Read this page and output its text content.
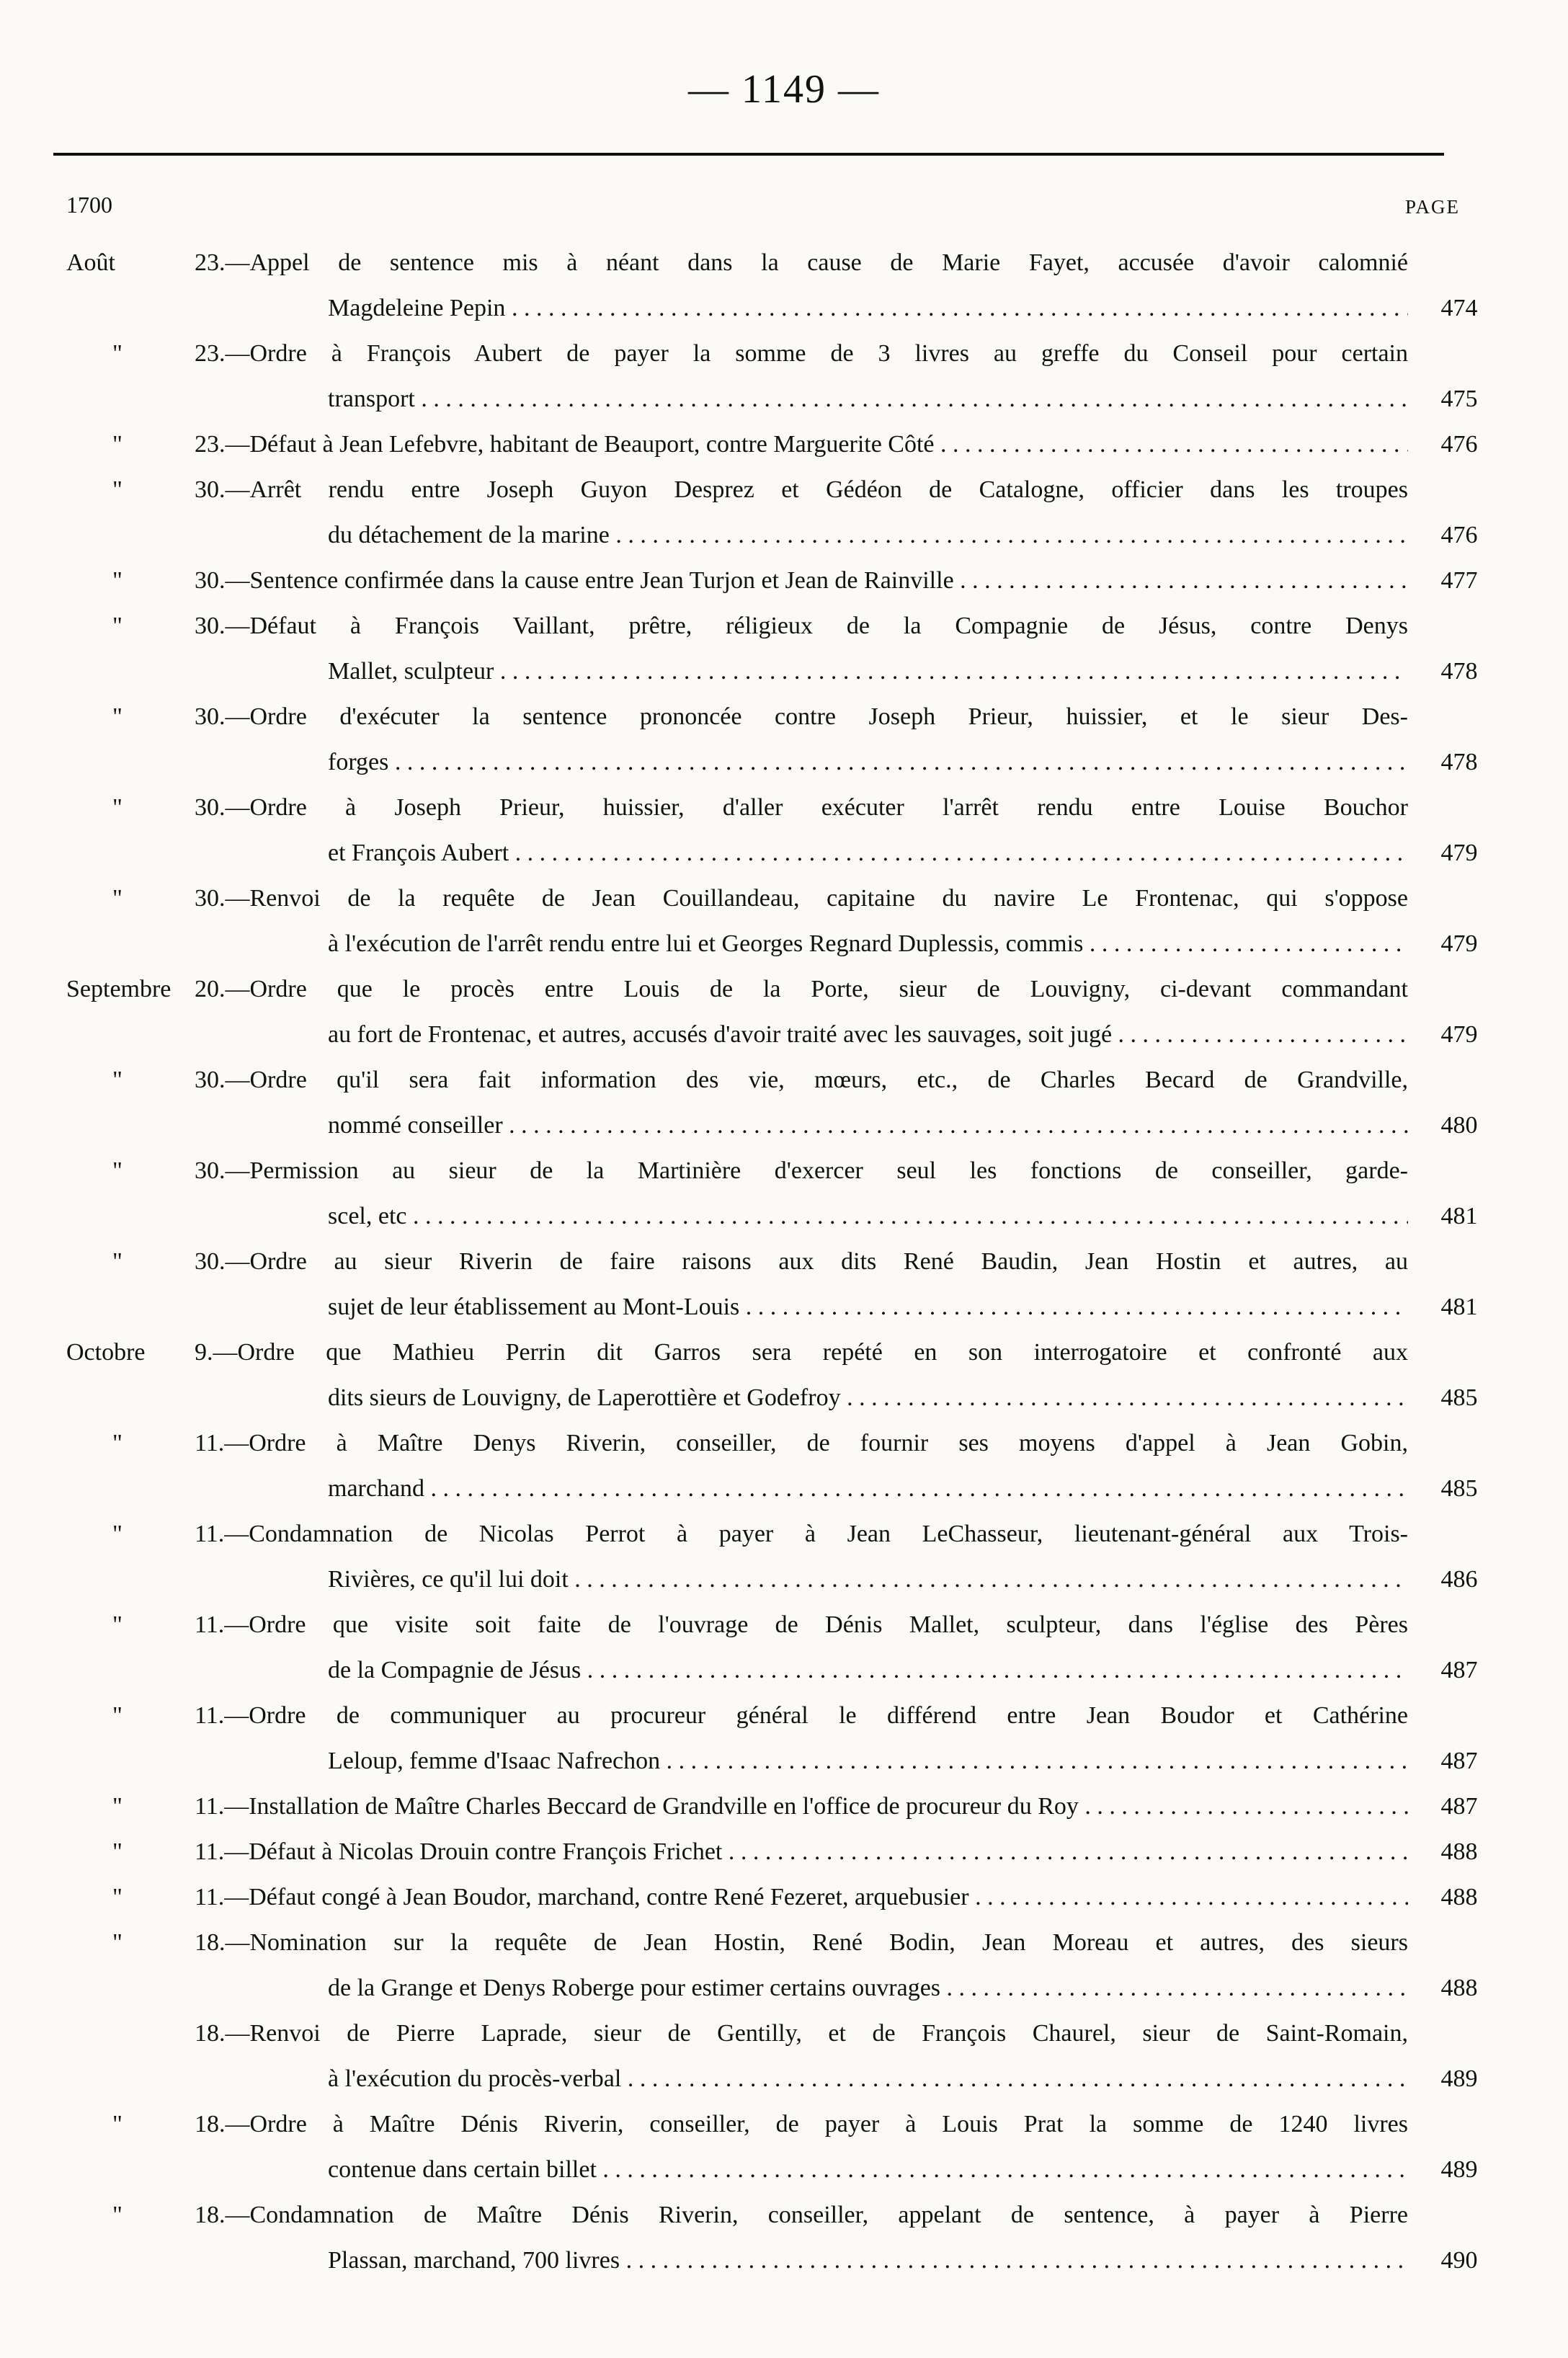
— 1149 —
1700	PAGE
Août	23.—Appel de sentence mis à néant dans la cause de Marie Fayet, accusée d'avoir calomnié
Magdeleine Pepin . . .	474
"	23.—Ordre à François Aubert de payer la somme de 3 livres au greffe du Conseil pour certain
transport . . .	475
"	23.—Défaut à Jean Lefebvre, habitant de Beauport, contre Marguerite Côté . . .	476
"	30.—Arrêt rendu entre Joseph Guyon Desprez et Gédéon de Catalogne, officier dans les troupes
du détachement de la marine . . .	476
"	30.—Sentence confirmée dans la cause entre Jean Turjon et Jean de Rainville . . .	477
"	30.—Défaut à François Vaillant, prêtre, réligieux de la Compagnie de Jésus, contre Denys
Mallet, sculpteur . . .	478
"	30.—Ordre d'exécuter la sentence prononcée contre Joseph Prieur, huissier, et le sieur Des-
forges . . .	478
"	30.—Ordre à Joseph Prieur, huissier, d'aller exécuter l'arrêt rendu entre Louise Bouchor
et François Aubert . . .	479
"	30.—Renvoi de la requête de Jean Couillandeau, capitaine du navire Le Frontenac, qui s'oppose
à l'exécution de l'arrêt rendu entre lui et Georges Regnard Duplessis, commis . . .	479
Septembre 20.—Ordre que le procès entre Louis de la Porte, sieur de Louvigny, ci-devant commandant
au fort de Frontenac, et autres, accusés d'avoir traité avec les sauvages, soit jugé . . .	479
"	30.—Ordre qu'il sera fait information des vie, mœurs, etc., de Charles Becard de Grandville,
nommé conseiller . . .	480
"	30.—Permission au sieur de la Martinière d'exercer seul les fonctions de conseiller, garde-
scel, etc . . .	481
"	30.—Ordre au sieur Riverin de faire raisons aux dits René Baudin, Jean Hostin et autres, au
sujet de leur établissement au Mont-Louis . . .	481
Octobre 9.—Ordre que Mathieu Perrin dit Garros sera repété en son interrogatoire et confronté aux
dits sieurs de Louvigny, de Laperottière et Godefroy . . .	485
"	11.—Ordre à Maître Denys Riverin, conseiller, de fournir ses moyens d'appel à Jean Gobin,
marchand . . .	485
"	11.—Condamnation de Nicolas Perrot à payer à Jean LeChasseur, lieutenant-général aux Trois-
Rivières, ce qu'il lui doit . . .	486
"	11.—Ordre que visite soit faite de l'ouvrage de Dénis Mallet, sculpteur, dans l'église des Pères
de la Compagnie de Jésus . . .	487
"	11.—Ordre de communiquer au procureur général le différend entre Jean Boudor et Cathérine
Leloup, femme d'Isaac Nafrechon . . .	487
"	11.—Installation de Maître Charles Beccard de Grandville en l'office de procureur du Roy . . .	487
"	11.—Défaut à Nicolas Drouin contre François Frichet . . .	488
"	11.—Défaut congé à Jean Boudor, marchand, contre René Fezeret, arquebusier . . .	488
"	18.—Nomination sur la requête de Jean Hostin, René Bodin, Jean Moreau et autres, des sieurs
de la Grange et Denys Roberge pour estimer certains ouvrages . . .	488
18.—Renvoi de Pierre Laprade, sieur de Gentilly, et de François Chaurel, sieur de Saint-Romain,
à l'exécution du procès-verbal . . .	489
"	18.—Ordre à Maître Dénis Riverin, conseiller, de payer à Louis Prat la somme de 1240 livres
contenue dans certain billet . . .	489
"	18.—Condamnation de Maître Dénis Riverin, conseiller, appelant de sentence, à payer à Pierre
Plassan, marchand, 700 livres . . .	490
